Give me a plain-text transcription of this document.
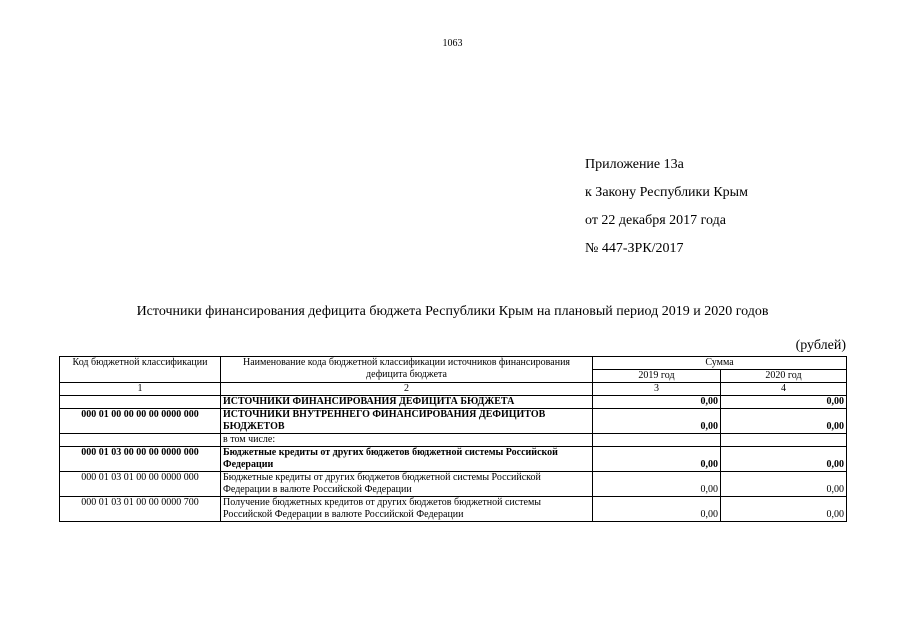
1063
Приложение 13а
к Закону Республики Крым
от 22 декабря 2017 года
№ 447-ЗРК/2017
Источники финансирования дефицита бюджета Республики Крым на плановый период 2019 и 2020 годов
(рублей)
Код бюджетной классификации	Наименование кода бюджетной классификации источников финансирования дефицита бюджета	Сумма	
		2019 год	2020 год
1	2	3	4
	ИСТОЧНИКИ ФИНАНСИРОВАНИЯ ДЕФИЦИТА БЮДЖЕТА	0,00	0,00
000 01 00 00 00 00 0000 000	ИСТОЧНИКИ ВНУТРЕННЕГО ФИНАНСИРОВАНИЯ ДЕФИЦИТОВ БЮДЖЕТОВ	0,00	0,00
	в том числе:		
000 01 03 00 00 00 0000 000	Бюджетные кредиты от других бюджетов бюджетной системы Российской Федерации	0,00	0,00
000 01 03 01 00 00 0000 000	Бюджетные кредиты от других бюджетов бюджетной системы Российской Федерации в валюте Российской Федерации	0,00	0,00
000 01 03 01 00 00 0000 700	Получение бюджетных кредитов от других бюджетов бюджетной системы Российской Федерации в валюте Российской Федерации	0,00	0,00
